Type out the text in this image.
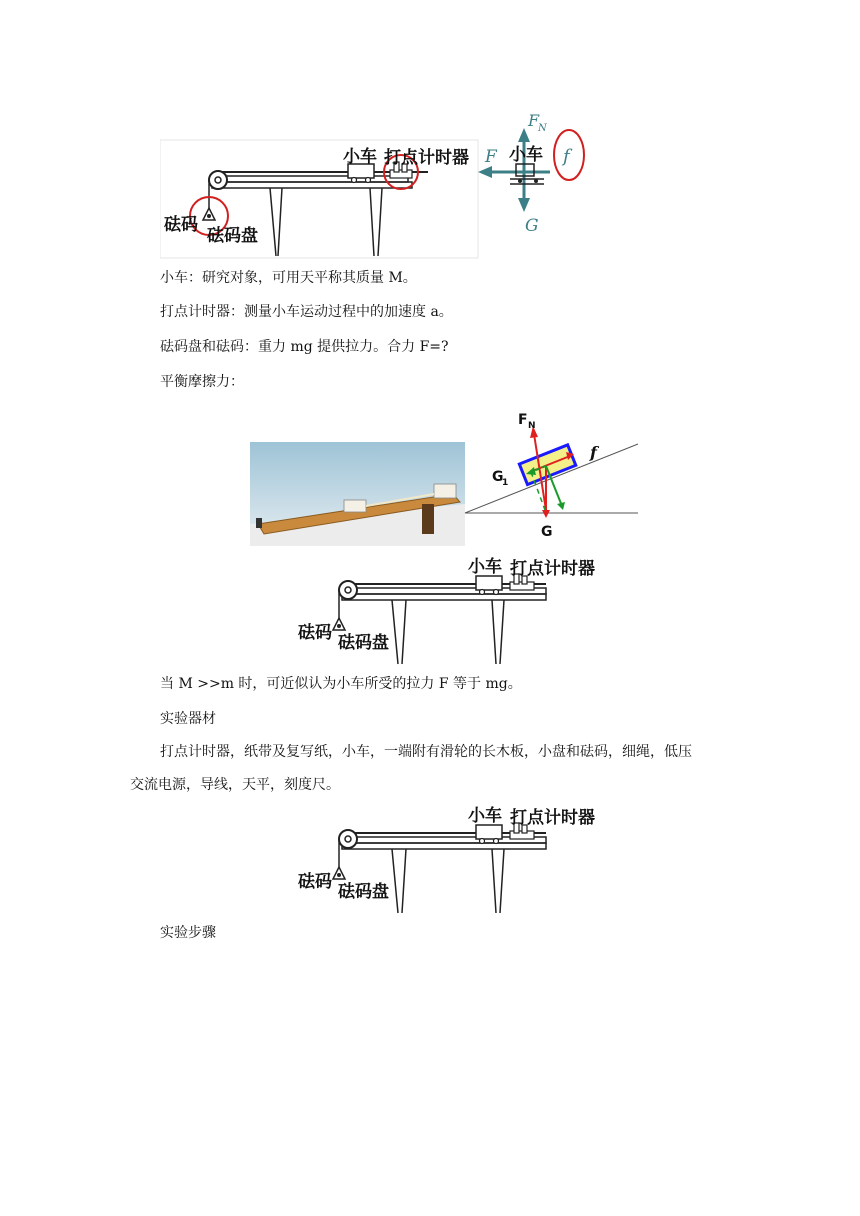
小车 打点计时器
砝码
砝码盘
小车
F
F
N
G
f
小车：研究对象，可用天平称其质量 M。
打点计时器：测量小车运动过程中的加速度 a。
砝码盘和砝码：重力 mg 提供拉力。合力 F=?
平衡摩擦力：
F N
f
G
1
G
小车 打点计时器
砝码 砝码盘
当 M >>m 时，可近似认为小车所受的拉力 F 等于 mg。
实验器材
打点计时器，纸带及复写纸，小车，一端附有滑轮的长木板，小盘和砝码，细绳，低压
交流电源，导线，天平，刻度尺。
小车 打点计时器
砝码 砝码盘
实验步骤
